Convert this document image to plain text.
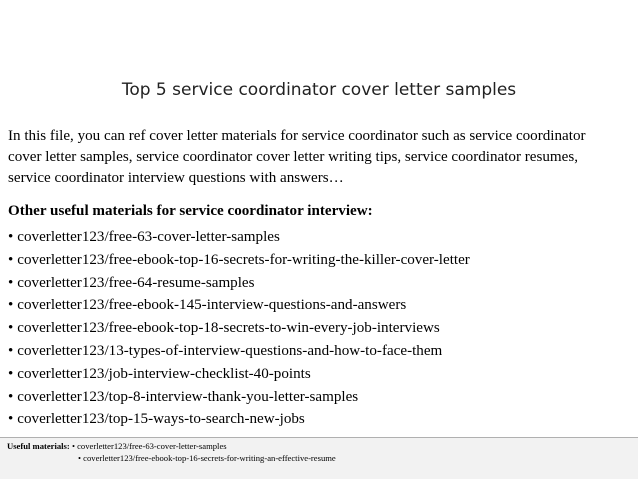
Top 5 service coordinator cover letter samples
In this file, you can ref cover letter materials for service coordinator such as service coordinator
cover letter samples, service coordinator cover letter writing tips, service coordinator resumes,
service coordinator interview questions with answers…
Other useful materials for service coordinator interview:
• coverletter123/free-63-cover-letter-samples
• coverletter123/free-ebook-top-16-secrets-for-writing-the-killer-cover-letter
• coverletter123/free-64-resume-samples
• coverletter123/free-ebook-145-interview-questions-and-answers
• coverletter123/free-ebook-top-18-secrets-to-win-every-job-interviews
• coverletter123/13-types-of-interview-questions-and-how-to-face-them
• coverletter123/job-interview-checklist-40-points
• coverletter123/top-8-interview-thank-you-letter-samples
• coverletter123/top-15-ways-to-search-new-jobs
Useful materials: • coverletter123/free-63-cover-letter-samples
• coverletter123/free-ebook-top-16-secrets-for-writing-an-effective-resume
